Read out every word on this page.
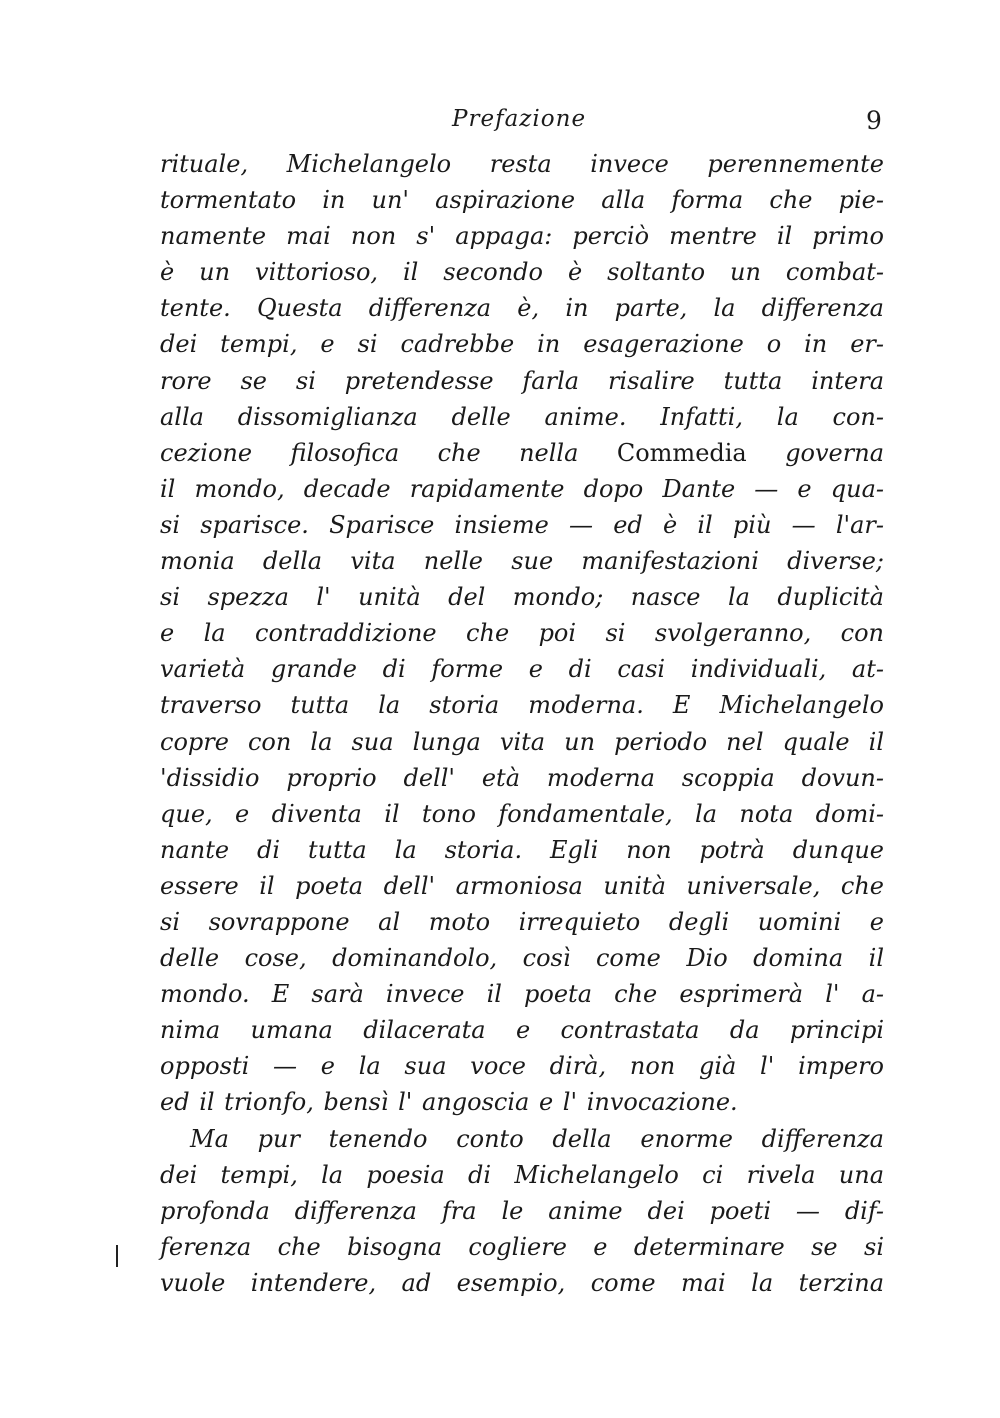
Prefazione	9
rituale, Michelangelo resta invece perennemente
tormentato in un' aspirazione alla forma che pie-
namente mai non s' appaga: perciò mentre il primo
è un vittorioso, il secondo è soltanto un combat-
tente. Questa differenza è, in parte, la differenza
dei tempi, e si cadrebbe in esagerazione o in er-
rore se si pretendesse farla risalire tutta intera
alla dissomiglianza delle anime. Infatti, la con-
cezione filosofica che nella Commedia governa
il mondo, decade rapidamente dopo Dante — e qua-
si sparisce. Sparisce insieme — ed è il più — l'ar-
monia della vita nelle sue manifestazioni diverse;
si spezza l' unità del mondo; nasce la duplicità
e la contraddizione che poi si svolgeranno, con
varietà grande di forme e di casi individuali, at-
traverso tutta la storia moderna. E Michelangelo
copre con la sua lunga vita un periodo nel quale il
'dissidio proprio dell' età moderna scoppia dovun-
que, e diventa il tono fondamentale, la nota domi-
nante di tutta la storia. Egli non potrà dunque
essere il poeta dell' armoniosa unità universale, che
si sovrappone al moto irrequieto degli uomini e
delle cose, dominandolo, così come Dio domina il
mondo. E sarà invece il poeta che esprimerà l' a-
nima umana dilacerata e contrastata da principi
opposti — e la sua voce dirà, non già l' impero
ed il trionfo, bensì l' angoscia e l' invocazione.
Ma pur tenendo conto della enorme differenza
dei tempi, la poesia di Michelangelo ci rivela una
profonda differenza fra le anime dei poeti — dif-
ferenza che bisogna cogliere e determinare se si
vuole intendere, ad esempio, come mai la terzina
